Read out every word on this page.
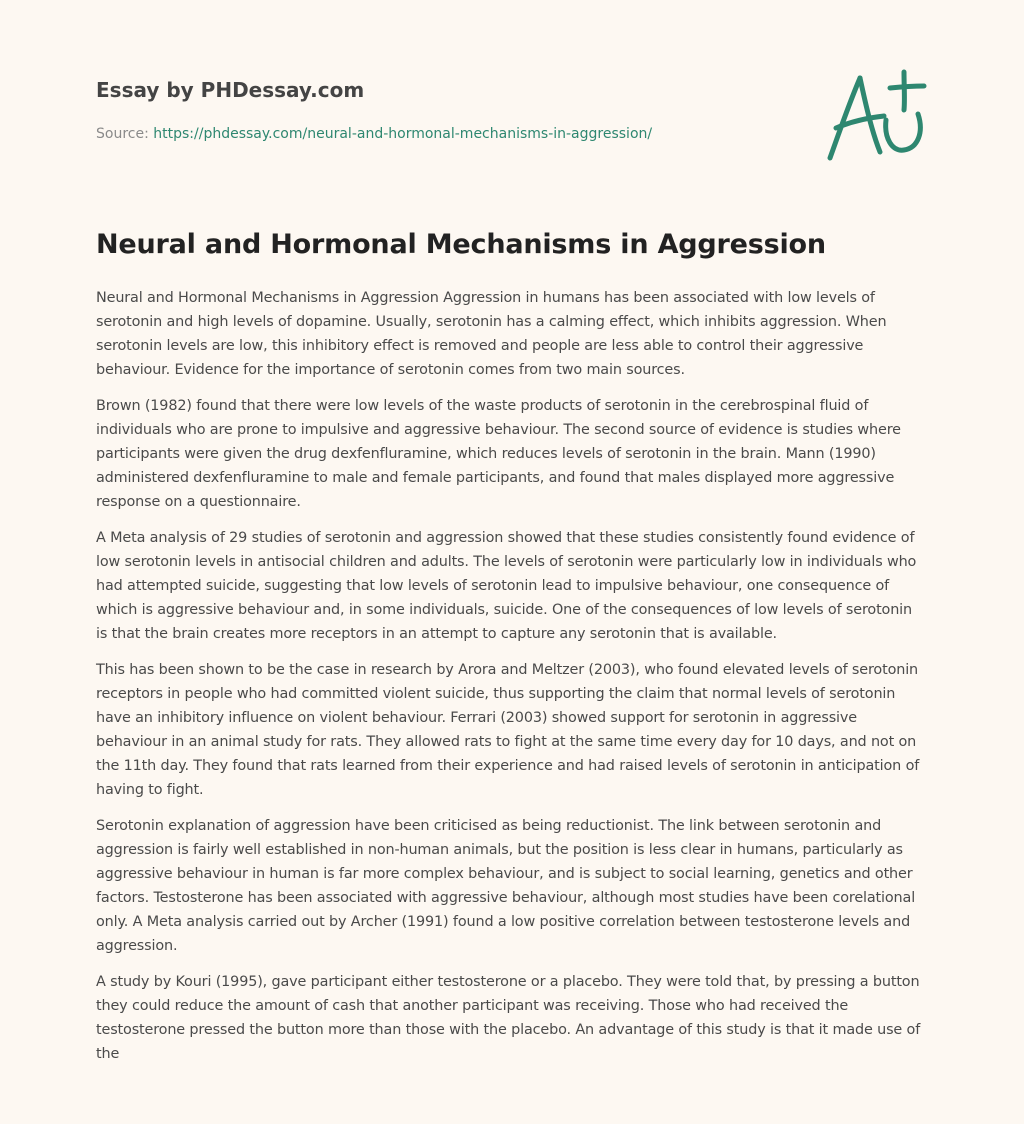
Essay by PHDessay.com
Source: https://phdessay.com/neural-and-hormonal-mechanisms-in-aggression/
Neural and Hormonal Mechanisms in Aggression

Neural and Hormonal Mechanisms in Aggression Aggression in humans has been associated with low levels of serotonin and high levels of dopamine. Usually, serotonin has a calming effect, which inhibits aggression. When serotonin levels are low, this inhibitory effect is removed and people are less able to control their aggressive behaviour. Evidence for the importance of serotonin comes from two main sources.

Brown (1982) found that there were low levels of the waste products of serotonin in the cerebrospinal fluid of individuals who are prone to impulsive and aggressive behaviour. The second source of evidence is studies where participants were given the drug dexfenfluramine, which reduces levels of serotonin in the brain. Mann (1990) administered dexfenfluramine to male and female participants, and found that males displayed more aggressive response on a questionnaire.

A Meta analysis of 29 studies of serotonin and aggression showed that these studies consistently found evidence of low serotonin levels in antisocial children and adults. The levels of serotonin were particularly low in individuals who had attempted suicide, suggesting that low levels of serotonin lead to impulsive behaviour, one consequence of which is aggressive behaviour and, in some individuals, suicide. One of the consequences of low levels of serotonin is that the brain creates more receptors in an attempt to capture any serotonin that is available.

This has been shown to be the case in research by Arora and Meltzer (2003), who found elevated levels of serotonin receptors in people who had committed violent suicide, thus supporting the claim that normal levels of serotonin have an inhibitory influence on violent behaviour. Ferrari (2003) showed support for serotonin in aggressive behaviour in an animal study for rats. They allowed rats to fight at the same time every day for 10 days, and not on the 11th day. They found that rats learned from their experience and had raised levels of serotonin in anticipation of having to fight.

Serotonin explanation of aggression have been criticised as being reductionist. The link between serotonin and aggression is fairly well established in non-human animals, but the position is less clear in humans, particularly as aggressive behaviour in human is far more complex behaviour, and is subject to social learning, genetics and other factors. Testosterone has been associated with aggressive behaviour, although most studies have been corelational only. A Meta analysis carried out by Archer (1991) found a low positive correlation between testosterone levels and aggression.

A study by Kouri (1995), gave participant either testosterone or a placebo. They were told that, by pressing a button they could reduce the amount of cash that another participant was receiving. Those who had received the testosterone pressed the button more than those with the placebo. An advantage of this study is that it made use of the
